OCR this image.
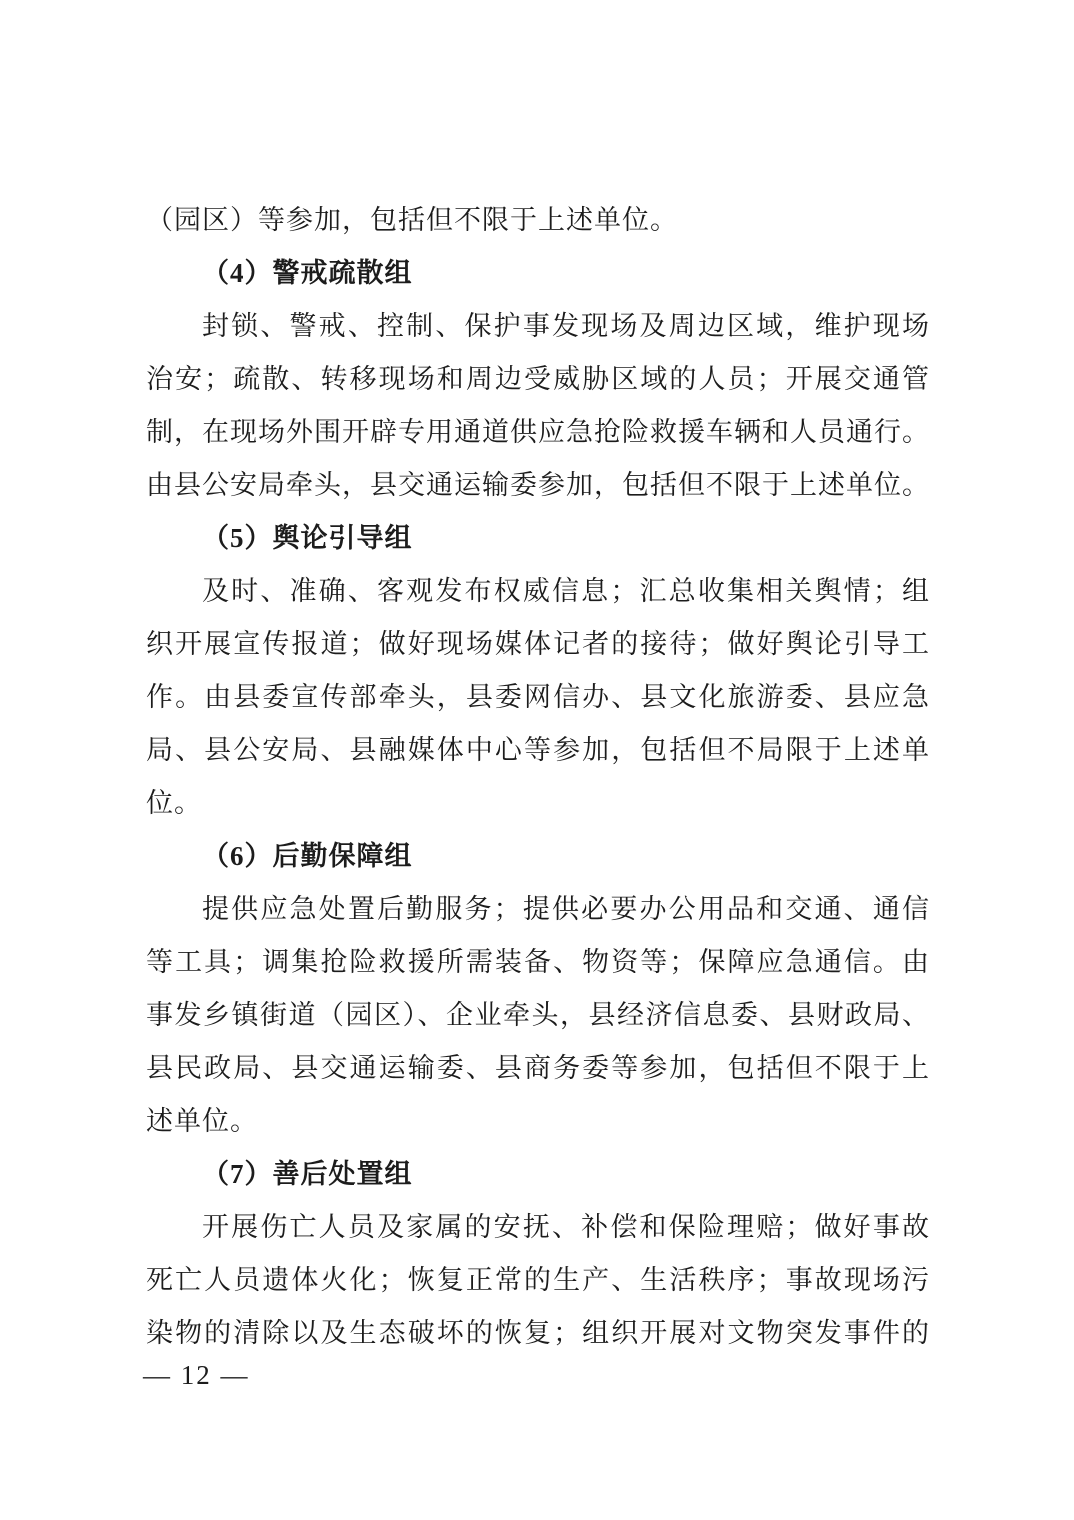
（园区）等参加，包括但不限于上述单位。
（4）警戒疏散组
封锁、警戒、控制、保护事发现场及周边区域，维护现场
治安；疏散、转移现场和周边受威胁区域的人员；开展交通管
制，在现场外围开辟专用通道供应急抢险救援车辆和人员通行。
由县公安局牵头，县交通运输委参加，包括但不限于上述单位。
（5）舆论引导组
及时、准确、客观发布权威信息；汇总收集相关舆情；组
织开展宣传报道；做好现场媒体记者的接待；做好舆论引导工
作。由县委宣传部牵头，县委网信办、县文化旅游委、县应急
局、县公安局、县融媒体中心等参加，包括但不局限于上述单
位。
（6）后勤保障组
提供应急处置后勤服务；提供必要办公用品和交通、通信
等工具；调集抢险救援所需装备、物资等；保障应急通信。由
事发乡镇街道（园区）、企业牵头，县经济信息委、县财政局、
县民政局、县交通运输委、县商务委等参加，包括但不限于上
述单位。
（7）善后处置组
开展伤亡人员及家属的安抚、补偿和保险理赔；做好事故
死亡人员遗体火化；恢复正常的生产、生活秩序；事故现场污
染物的清除以及生态破坏的恢复；组织开展对文物突发事件的
— 12 —
